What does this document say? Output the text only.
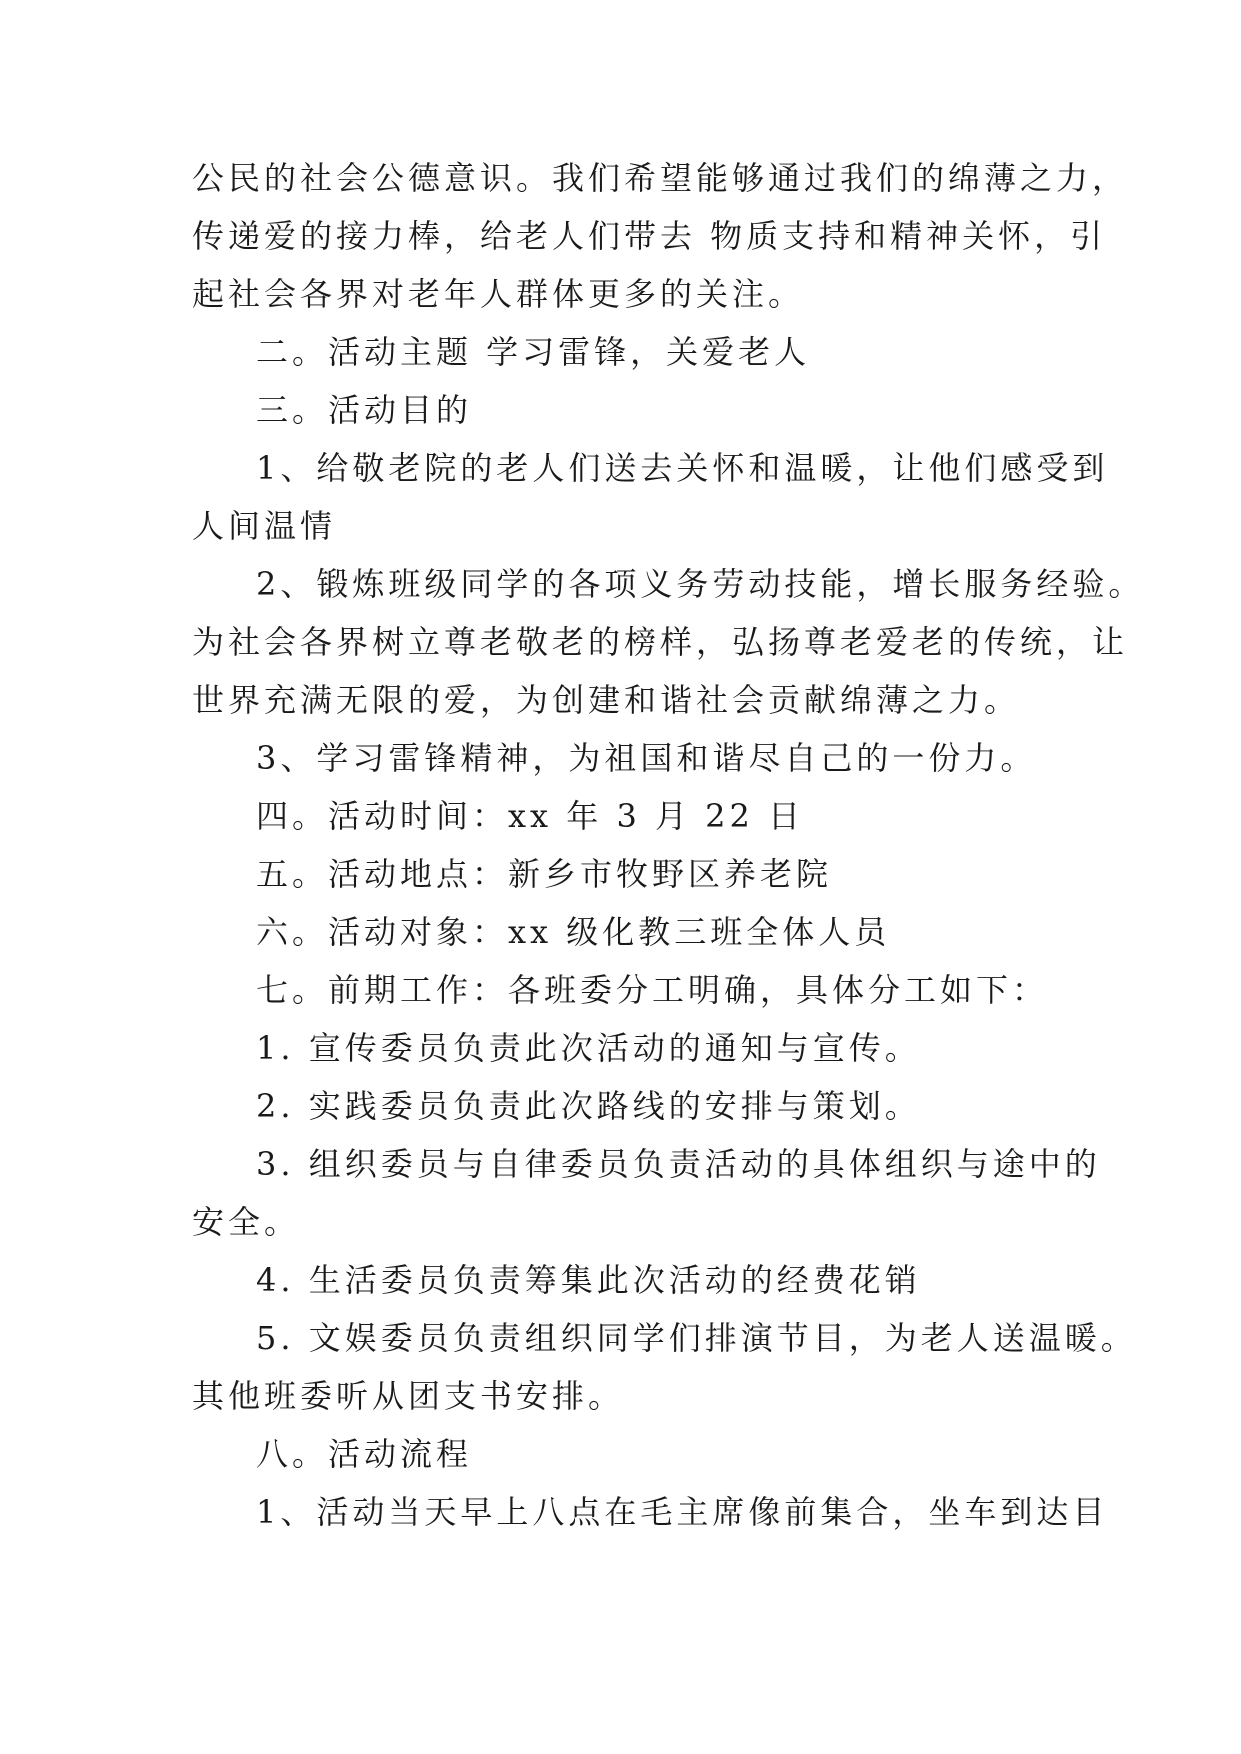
公民的社会公德意识。我们希望能够通过我们的绵薄之力，
传递爱的接力棒，给老人们带去 物质支持和精神关怀，引
起社会各界对老年人群体更多的关注。
二。活动主题 学习雷锋，关爱老人
三。活动目的
1、给敬老院的老人们送去关怀和温暖，让他们感受到
人间温情
2、锻炼班级同学的各项义务劳动技能，增长服务经验。
为社会各界树立尊老敬老的榜样，弘扬尊老爱老的传统，让
世界充满无限的爱，为创建和谐社会贡献绵薄之力。
3、学习雷锋精神，为祖国和谐尽自己的一份力。
四。活动时间：xx 年 3 月 22 日
五。活动地点：新乡市牧野区养老院
六。活动对象：xx 级化教三班全体人员
七。前期工作：各班委分工明确，具体分工如下：
1. 宣传委员负责此次活动的通知与宣传。
2. 实践委员负责此次路线的安排与策划。
3. 组织委员与自律委员负责活动的具体组织与途中的
安全。
4. 生活委员负责筹集此次活动的经费花销
5. 文娱委员负责组织同学们排演节目，为老人送温暖。
其他班委听从团支书安排。
八。活动流程
1、活动当天早上八点在毛主席像前集合，坐车到达目
